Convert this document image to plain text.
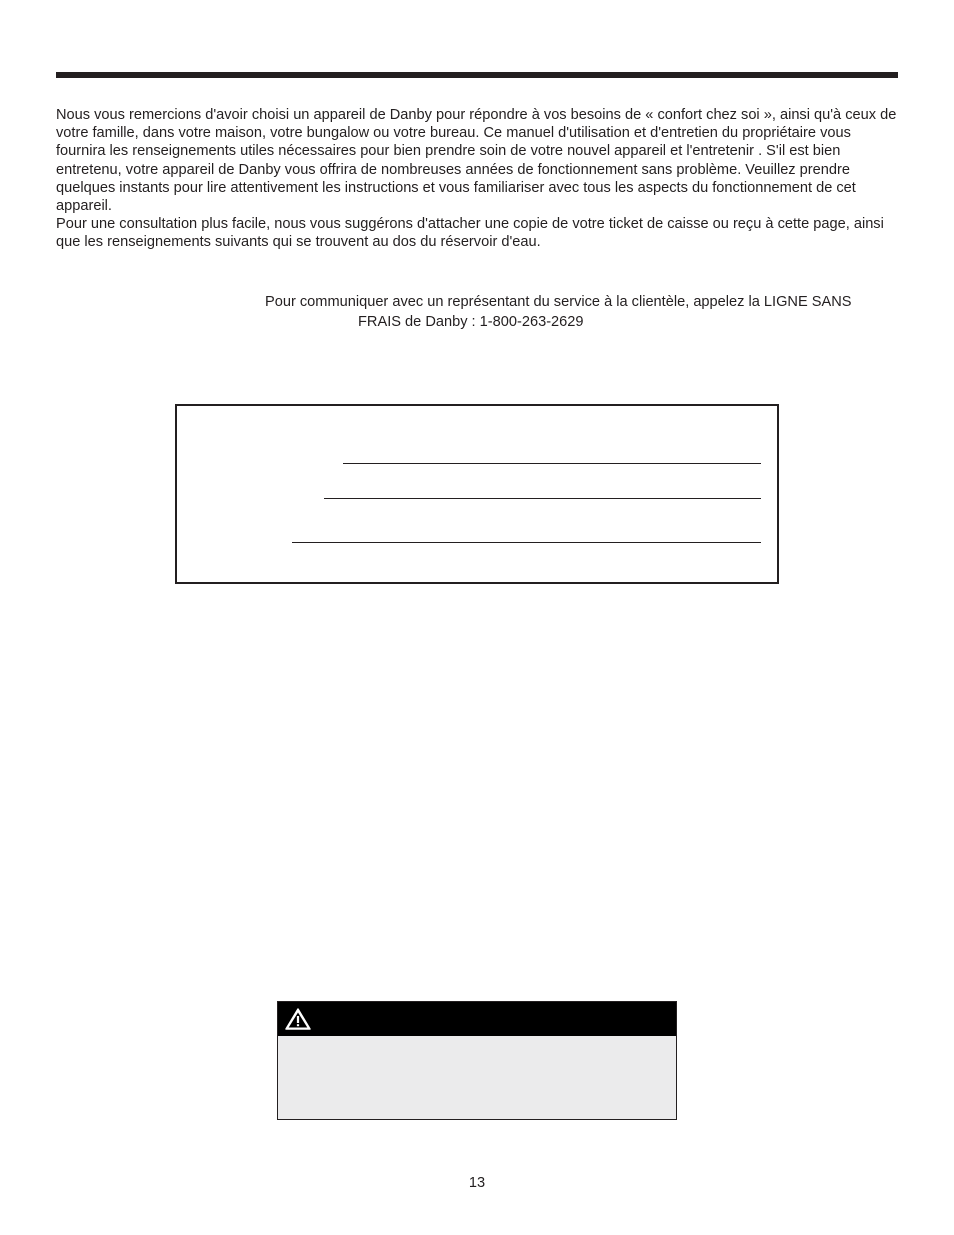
Nous vous remercions d'avoir choisi un appareil de Danby pour répondre à vos besoins de « confort chez soi », ainsi qu'à ceux de votre famille, dans votre maison, votre bungalow ou votre bureau. Ce manuel d'utilisation et d'entretien du propriétaire vous fournira les renseignements utiles nécessaires pour bien prendre soin de votre nouvel appareil et l'entretenir . S'il est bien entretenu, votre appareil de Danby vous offrira de nombreuses années de fonctionnement sans problème. Veuillez prendre quelques instants pour lire attentivement les instructions et vous familiariser avec tous les aspects du fonctionnement de cet appareil.

Pour une consultation plus facile, nous vous suggérons d'attacher une copie de votre ticket de caisse ou reçu à cette page, ainsi que les renseignements suivants qui se trouvent au dos du réservoir d'eau.

Pour communiquer avec un représentant du service à la clientèle, appelez la LIGNE SANS
FRAIS de Danby : 1-800-263-2629
13
